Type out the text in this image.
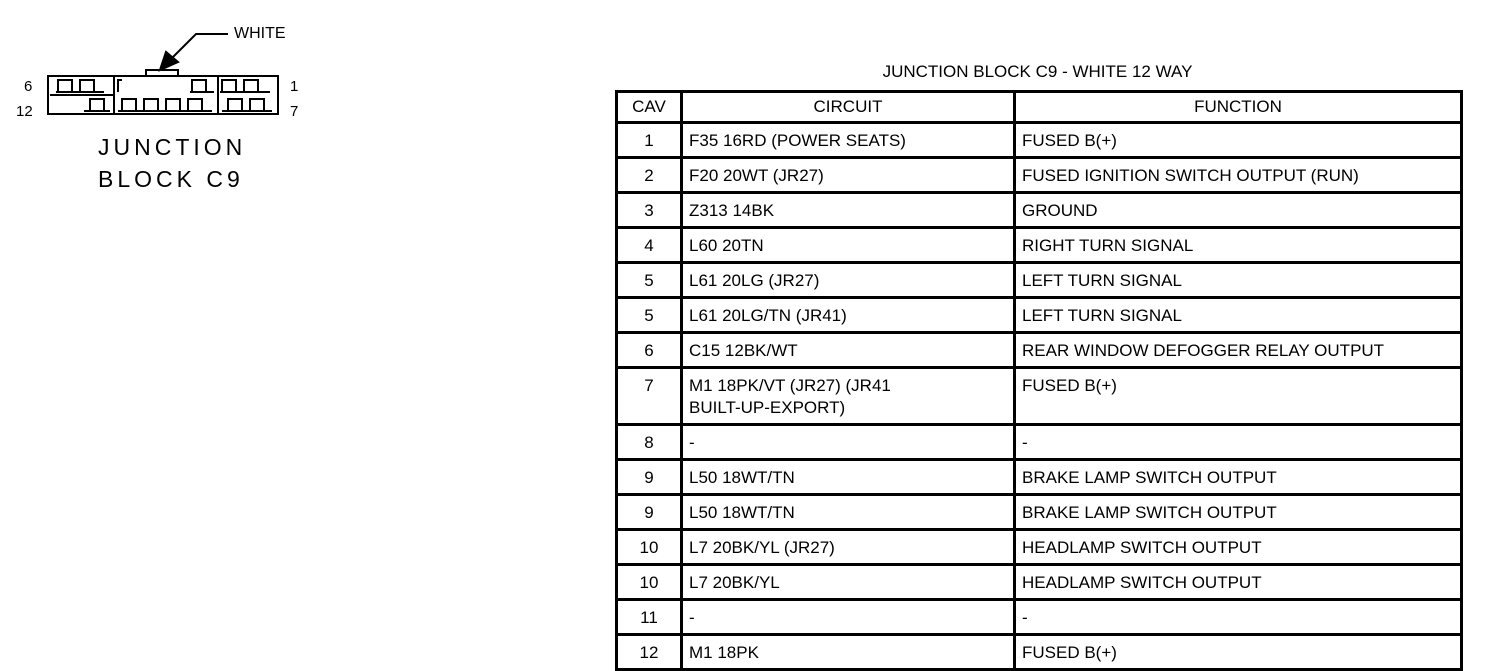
WHITE
6
12
1
7
JUNCTION
BLOCK C9
JUNCTION BLOCK C9 - WHITE 12 WAY
CAV	CIRCUIT	FUNCTION
1	F35 16RD (POWER SEATS)	FUSED B(+)
2	F20 20WT (JR27)	FUSED IGNITION SWITCH OUTPUT (RUN)
3	Z313 14BK	GROUND
4	L60 20TN	RIGHT TURN SIGNAL
5	L61 20LG (JR27)	LEFT TURN SIGNAL
5	L61 20LG/TN (JR41)	LEFT TURN SIGNAL
6	C15 12BK/WT	REAR WINDOW DEFOGGER RELAY OUTPUT
7	M1 18PK/VT (JR27) (JR41
BUILT-UP-EXPORT)	FUSED B(+)
8	-	-
9	L50 18WT/TN	BRAKE LAMP SWITCH OUTPUT
9	L50 18WT/TN	BRAKE LAMP SWITCH OUTPUT
10	L7 20BK/YL (JR27)	HEADLAMP SWITCH OUTPUT
10	L7 20BK/YL	HEADLAMP SWITCH OUTPUT
11	-	-
12	M1 18PK	FUSED B(+)
